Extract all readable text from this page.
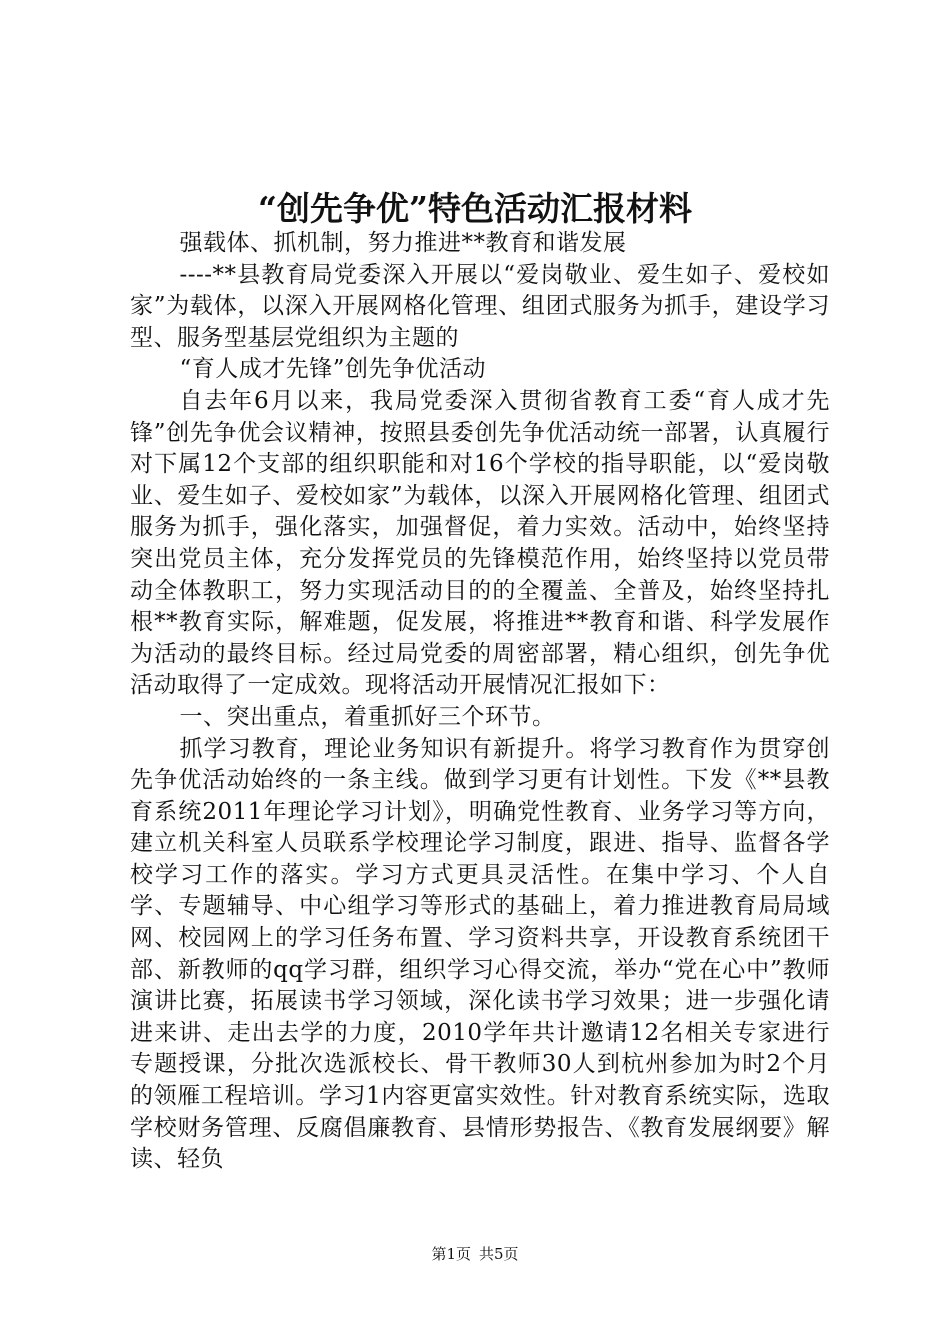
“创先争优”特色活动汇报材料

强载体、抓机制，努力推进**教育和谐发展

----**县教育局党委深入开展以“爱岗敬业、爱生如子、爱校如家”为载体，以深入开展网格化管理、组团式服务为抓手，建设学习型、服务型基层党组织为主题的

“育人成才先锋”创先争优活动

自去年6月以来，我局党委深入贯彻省教育工委“育人成才先锋”创先争优会议精神，按照县委创先争优活动统一部署，认真履行对下属12个支部的组织职能和对16个学校的指导职能，以“爱岗敬业、爱生如子、爱校如家”为载体，以深入开展网格化管理、组团式服务为抓手，强化落实，加强督促，着力实效。活动中，始终坚持突出党员主体，充分发挥党员的先锋模范作用，始终坚持以党员带动全体教职工，努力实现活动目的的全覆盖、全普及，始终坚持扎根**教育实际，解难题，促发展，将推进**教育和谐、科学发展作为活动的最终目标。经过局党委的周密部署，精心组织，创先争优活动取得了一定成效。现将活动开展情况汇报如下：

一、突出重点，着重抓好三个环节。

抓学习教育，理论业务知识有新提升。将学习教育作为贯穿创先争优活动始终的一条主线。做到学习更有计划性。下发《**县教育系统2011年理论学习计划》，明确党性教育、业务学习等方向，建立机关科室人员联系学校理论学习制度，跟进、指导、监督各学校学习工作的落实。学习方式更具灵活性。在集中学习、个人自学、专题辅导、中心组学习等形式的基础上，着力推进教育局局域网、校园网上的学习任务布置、学习资料共享，开设教育系统团干部、新教师的qq学习群，组织学习心得交流，举办“党在心中”教师演讲比赛，拓展读书学习领域，深化读书学习效果；进一步强化请进来讲、走出去学的力度，2010学年共计邀请12名相关专家进行专题授课，分批次选派校长、骨干教师30人到杭州参加为时2个月的领雁工程培训。学习1内容更富实效性。针对教育系统实际，选取学校财务管理、反腐倡廉教育、县情形势报告、《教育发展纲要》解读、轻负

第1页 共5页
